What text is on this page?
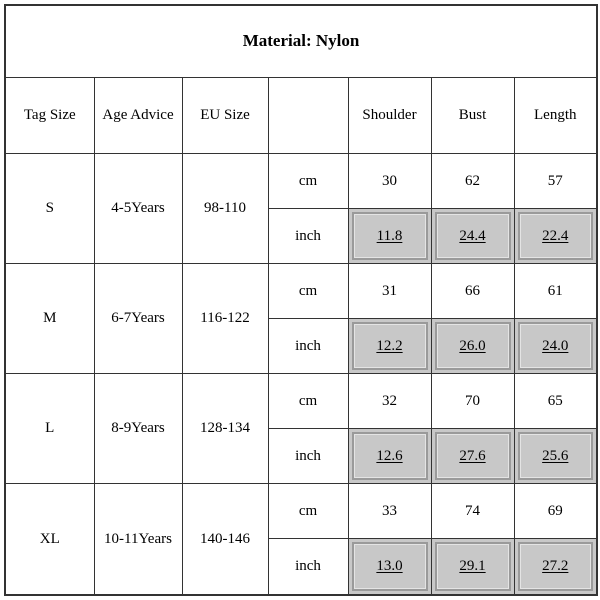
Material: Nylon						
Tag Size	Age Advice	EU Size		Shoulder	Bust	Length
S	4-5Years	98-110	cm	30	62	57
			inch	11.8	24.4	22.4

M	6-7Years	116-122	cm	31	66	61
			inch	12.2	26.0	24.0

L	8-9Years	128-134	cm	32	70	65
			inch	12.6	27.6	25.6

XL	10-11Years	140-146	cm	33	74	69
			inch	13.0	29.1	27.2
